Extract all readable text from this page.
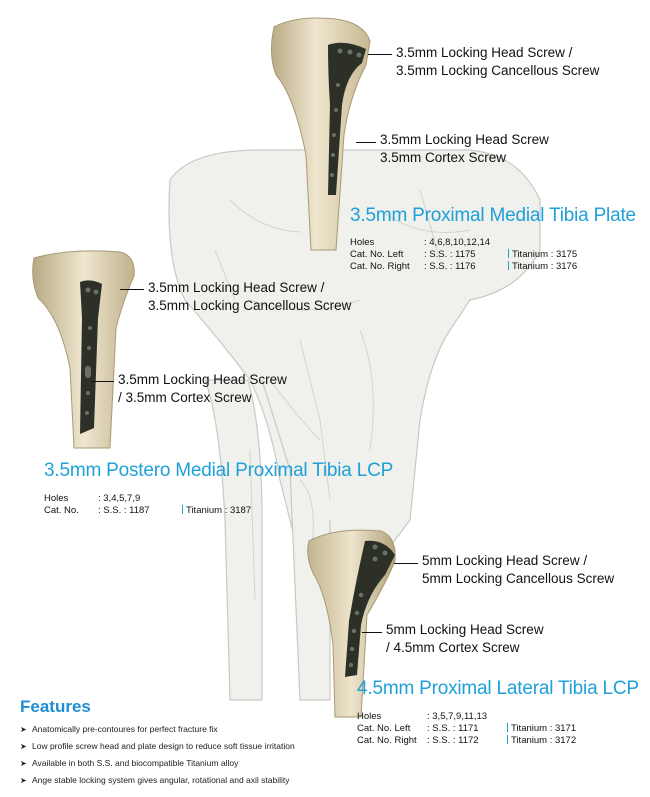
3.5mm Locking Head Screw /
3.5mm Locking Cancellous Screw
3.5mm Locking Head Screw
3.5mm Cortex Screw
3.5mm Proximal Medial Tibia Plate
Holes	: 4,6,8,10,12,14
Cat. No. Left : S.S. : 1175	Titanium : 3175
Cat. No. Right : S.S. : 1176	Titanium : 3176
3.5mm Locking Head Screw /
3.5mm Locking Cancellous Screw
3.5mm Locking Head Screw
/ 3.5mm Cortex Screw
3.5mm Postero Medial Proximal Tibia LCP
Holes	: 3,4,5,7,9
Cat. No. : S.S. : 1187	Titanium : 3187
5mm Locking Head Screw /
5mm Locking Cancellous Screw
5mm Locking Head Screw
/ 4.5mm Cortex Screw
4.5mm Proximal Lateral Tibia LCP
Holes	: 3,5,7,9,11,13
Cat. No. Left : S.S. : 1171	Titanium : 3171
Cat. No. Right : S.S. : 1172	Titanium : 3172
Features
➤ Anatomically pre-contoures for perfect fracture fix
➤ Low profile screw head and plate design to reduce soft tissue irritation
➤ Available in both S.S. and biocompatible Titanium alloy
➤ Ange stable locking system gives angular, rotational and axil stability
